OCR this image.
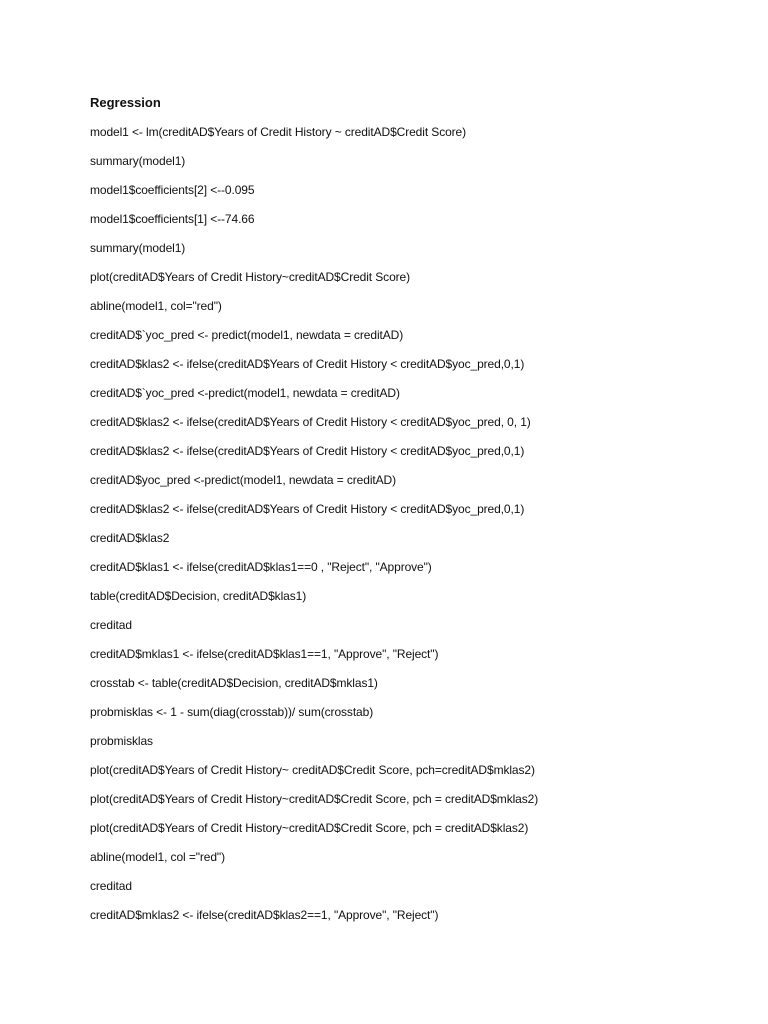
Regression
model1 <- lm(creditAD$Years of Credit History ~ creditAD$Credit Score)
summary(model1)
model1$coefficients[2] <--0.095
model1$coefficients[1] <--74.66
summary(model1)
plot(creditAD$Years of Credit History~creditAD$Credit Score)
abline(model1, col="red")
creditAD$`yoc_pred <- predict(model1, newdata = creditAD)
creditAD$klas2 <- ifelse(creditAD$Years of Credit History < creditAD$yoc_pred,0,1)
creditAD$`yoc_pred <-predict(model1, newdata = creditAD)
creditAD$klas2 <- ifelse(creditAD$Years of Credit History < creditAD$yoc_pred, 0, 1)
creditAD$klas2 <- ifelse(creditAD$Years of Credit History < creditAD$yoc_pred,0,1)
creditAD$yoc_pred <-predict(model1, newdata = creditAD)
creditAD$klas2 <- ifelse(creditAD$Years of Credit History < creditAD$yoc_pred,0,1)
creditAD$klas2
creditAD$klas1 <- ifelse(creditAD$klas1==0 , "Reject", "Approve")
table(creditAD$Decision, creditAD$klas1)
creditad
creditAD$mklas1 <- ifelse(creditAD$klas1==1, "Approve", "Reject")
crosstab <- table(creditAD$Decision, creditAD$mklas1)
probmisklas <- 1 - sum(diag(crosstab))/ sum(crosstab)
probmisklas
plot(creditAD$Years of Credit History~ creditAD$Credit Score, pch=creditAD$mklas2)
plot(creditAD$Years of Credit History~creditAD$Credit Score, pch = creditAD$mklas2)
plot(creditAD$Years of Credit History~creditAD$Credit Score, pch = creditAD$klas2)
abline(model1, col ="red")
creditad
creditAD$mklas2 <- ifelse(creditAD$klas2==1, "Approve", "Reject")
